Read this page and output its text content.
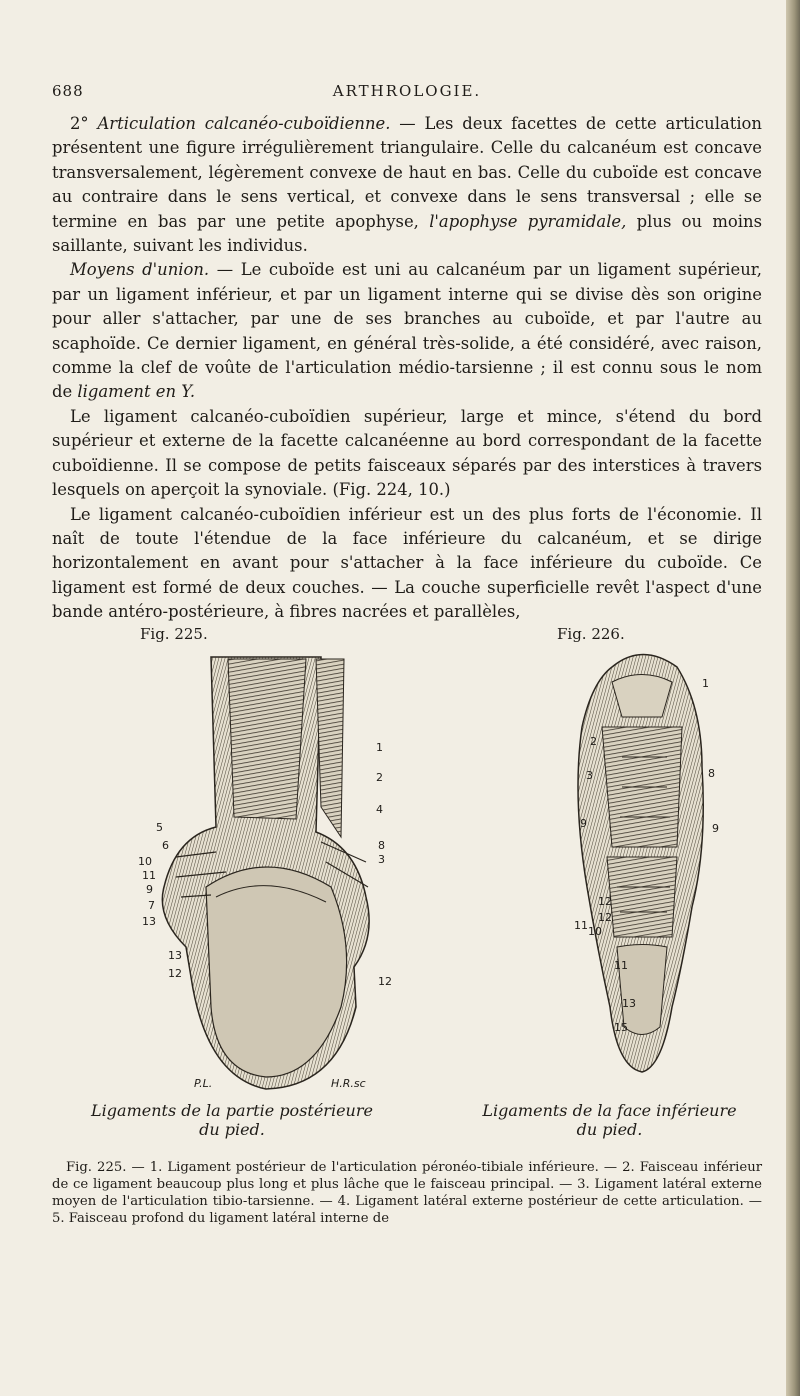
688	ARTHROLOGIE.

2° Articulation calcanéo-cuboïdienne. — Les deux facettes de cette articulation présentent une figure irrégulièrement triangulaire. Celle du calcanéum est concave transversalement, légèrement convexe de haut en bas. Celle du cuboïde est concave au contraire dans le sens vertical, et convexe dans le sens transversal ; elle se termine en bas par une petite apophyse, l'apophyse pyramidale, plus ou moins saillante, suivant les individus.

Moyens d'union. — Le cuboïde est uni au calcanéum par un ligament supérieur, par un ligament inférieur, et par un ligament interne qui se divise dès son origine pour aller s'attacher, par une de ses branches au cuboïde, et par l'autre au scaphoïde. Ce dernier ligament, en général très-solide, a été considéré, avec raison, comme la clef de voûte de l'articulation médio-tarsienne ; il est connu sous le nom de ligament en Y.

Le ligament calcanéo-cuboïdien supérieur, large et mince, s'étend du bord supérieur et externe de la facette calcanéenne au bord correspondant de la facette cuboïdienne. Il se compose de petits faisceaux séparés par des interstices à travers lesquels on aperçoit la synoviale. (Fig. 224, 10.)

Le ligament calcanéo-cuboïdien inférieur est un des plus forts de l'économie. Il naît de toute l'étendue de la face inférieure du calcanéum, et se dirige horizontalement en avant pour s'attacher à la face inférieure du cuboïde. Ce ligament est formé de deux couches. — La couche superficielle revêt l'aspect d'une bande antéro-postérieure, à fibres nacrées et parallèles,

Fig. 225.	Fig. 226.
5
6
10
11
9
7
13
13
12
1
2
4
8
3
12
P.L.	H.R.sc
2
3
9
11 10
1
8
9
12
12
11
13
15
Ligaments de la partie postérieure
du pied.
Ligaments de la face inférieure
du pied.

Fig. 225. — 1. Ligament postérieur de l'articulation péronéo-tibiale inférieure. — 2. Faisceau inférieur de ce ligament beaucoup plus long et plus lâche que le faisceau principal. — 3. Ligament latéral externe moyen de l'articulation tibio-tarsienne. — 4. Ligament latéral externe postérieur de cette articulation. — 5. Faisceau profond du ligament latéral interne de
